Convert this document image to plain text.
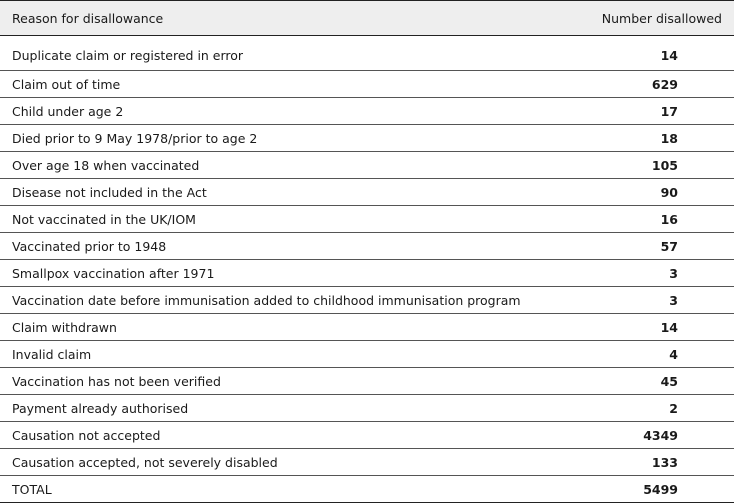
Reason for disallowance	Number disallowed
Duplicate claim or registered in error	14
Claim out of time	629
Child under age 2	17
Died prior to 9 May 1978/prior to age 2	18
Over age 18 when vaccinated	105
Disease not included in the Act	90
Not vaccinated in the UK/IOM	16
Vaccinated prior to 1948	57
Smallpox vaccination after 1971	3
Vaccination date before immunisation added to childhood immunisation program	3
Claim withdrawn	14
Invalid claim	4
Vaccination has not been verified	45
Payment already authorised	2
Causation not accepted	4349
Causation accepted, not severely disabled	133
TOTAL	5499
